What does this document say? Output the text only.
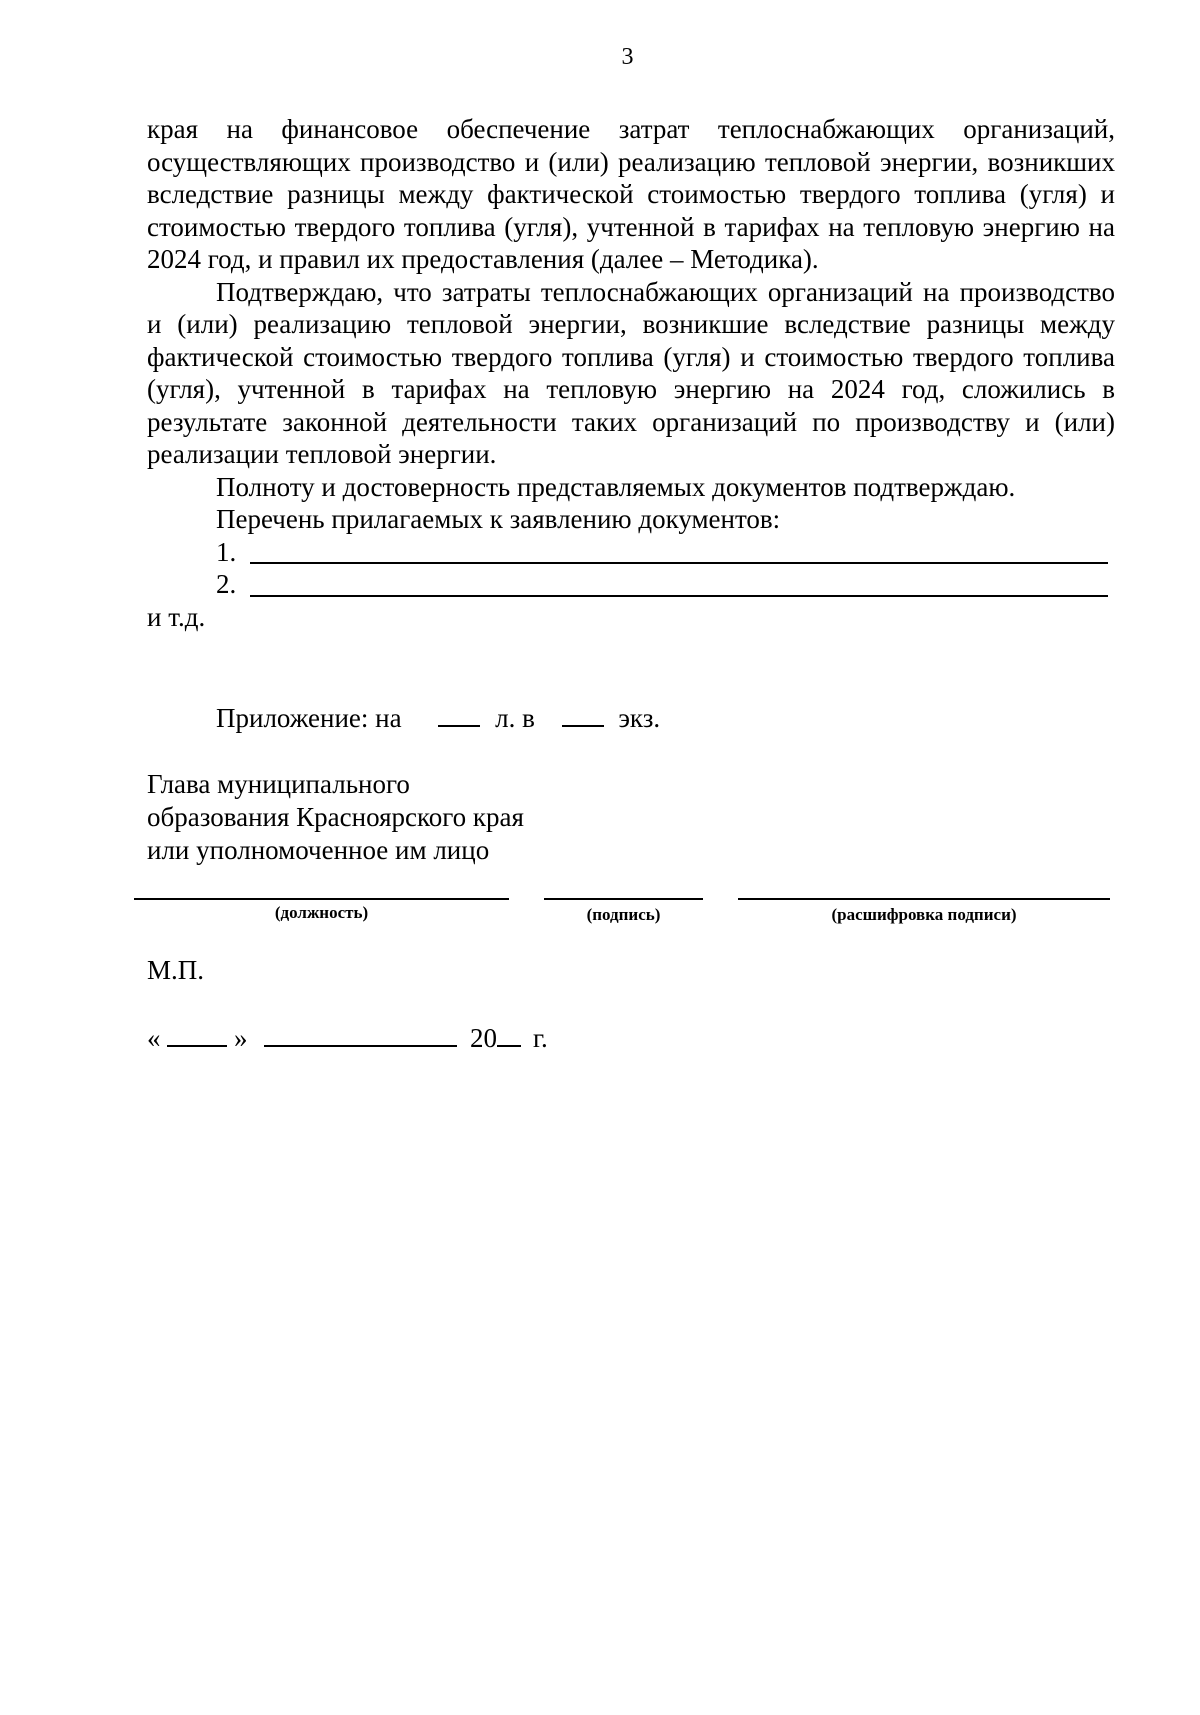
3

края на финансовое обеспечение затрат теплоснабжающих организаций, осуществляющих производство и (или) реализацию тепловой энергии, возникших вследствие разницы между фактической стоимостью твердого топлива (угля) и стоимостью твердого топлива (угля), учтенной в тарифах на тепловую энергию на 2024 год, и правил их предоставления (далее – Методика).

Подтверждаю, что затраты теплоснабжающих организаций на производство и (или) реализацию тепловой энергии, возникшие вследствие разницы между фактической стоимостью твердого топлива (угля) и стоимостью твердого топлива (угля), учтенной в тарифах на тепловую энергию на 2024 год, сложились в результате законной деятельности таких организаций по производству и (или) реализации тепловой энергии.

Полноту и достоверность представляемых документов подтверждаю.

Перечень прилагаемых к заявлению документов:

1.
2.

и т.д.

Приложение: на	л. в	экз.
Глава муниципального
образования Красноярского края
или уполномоченное им лицо
(должность)	(подпись)	(расшифровка подписи)
М.П.
«	»	20 г.
